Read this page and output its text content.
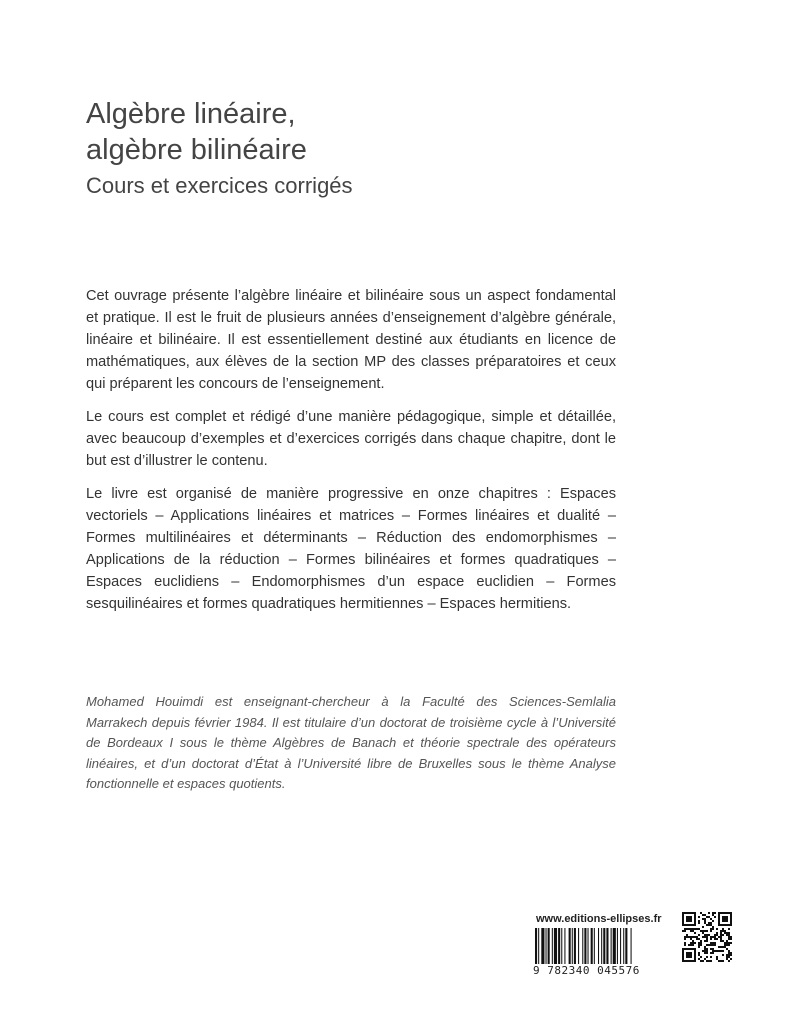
Algèbre linéaire,
algèbre bilinéaire
Cours et exercices corrigés

Cet ouvrage présente l’algèbre linéaire et bilinéaire sous un aspect fondamental et pratique. Il est le fruit de plusieurs années d’enseignement d’algèbre générale, linéaire et bilinéaire. Il est essentiellement destiné aux étudiants en licence de mathématiques, aux élèves de la section MP des classes préparatoires et ceux qui préparent les concours de l’enseignement.

Le cours est complet et rédigé d’une manière pédagogique, simple et détaillée, avec beaucoup d’exemples et d’exercices corrigés dans chaque chapitre, dont le but est d’illustrer le contenu.

Le livre est organisé de manière progressive en onze chapitres : Espaces vectoriels – Applications linéaires et matrices – Formes linéaires et dualité – Formes multilinéaires et déterminants – Réduction des endomorphismes – Applications de la réduction – Formes bilinéaires et formes quadratiques – Espaces euclidiens – Endomorphismes d’un espace euclidien – Formes sesquilinéaires et formes quadratiques hermitiennes – Espaces hermitiens.

Mohamed Houimdi est enseignant-chercheur à la Faculté des Sciences-Semlalia Marrakech depuis février 1984. Il est titulaire d’un doctorat de troisième cycle à l’Université de Bordeaux I sous le thème Algèbres de Banach et théorie spectrale des opérateurs linéaires, et d’un doctorat d’État à l’Université libre de Bruxelles sous le thème Analyse fonctionnelle et espaces quotients.

www.editions-ellipses.fr
9 782340 045576
